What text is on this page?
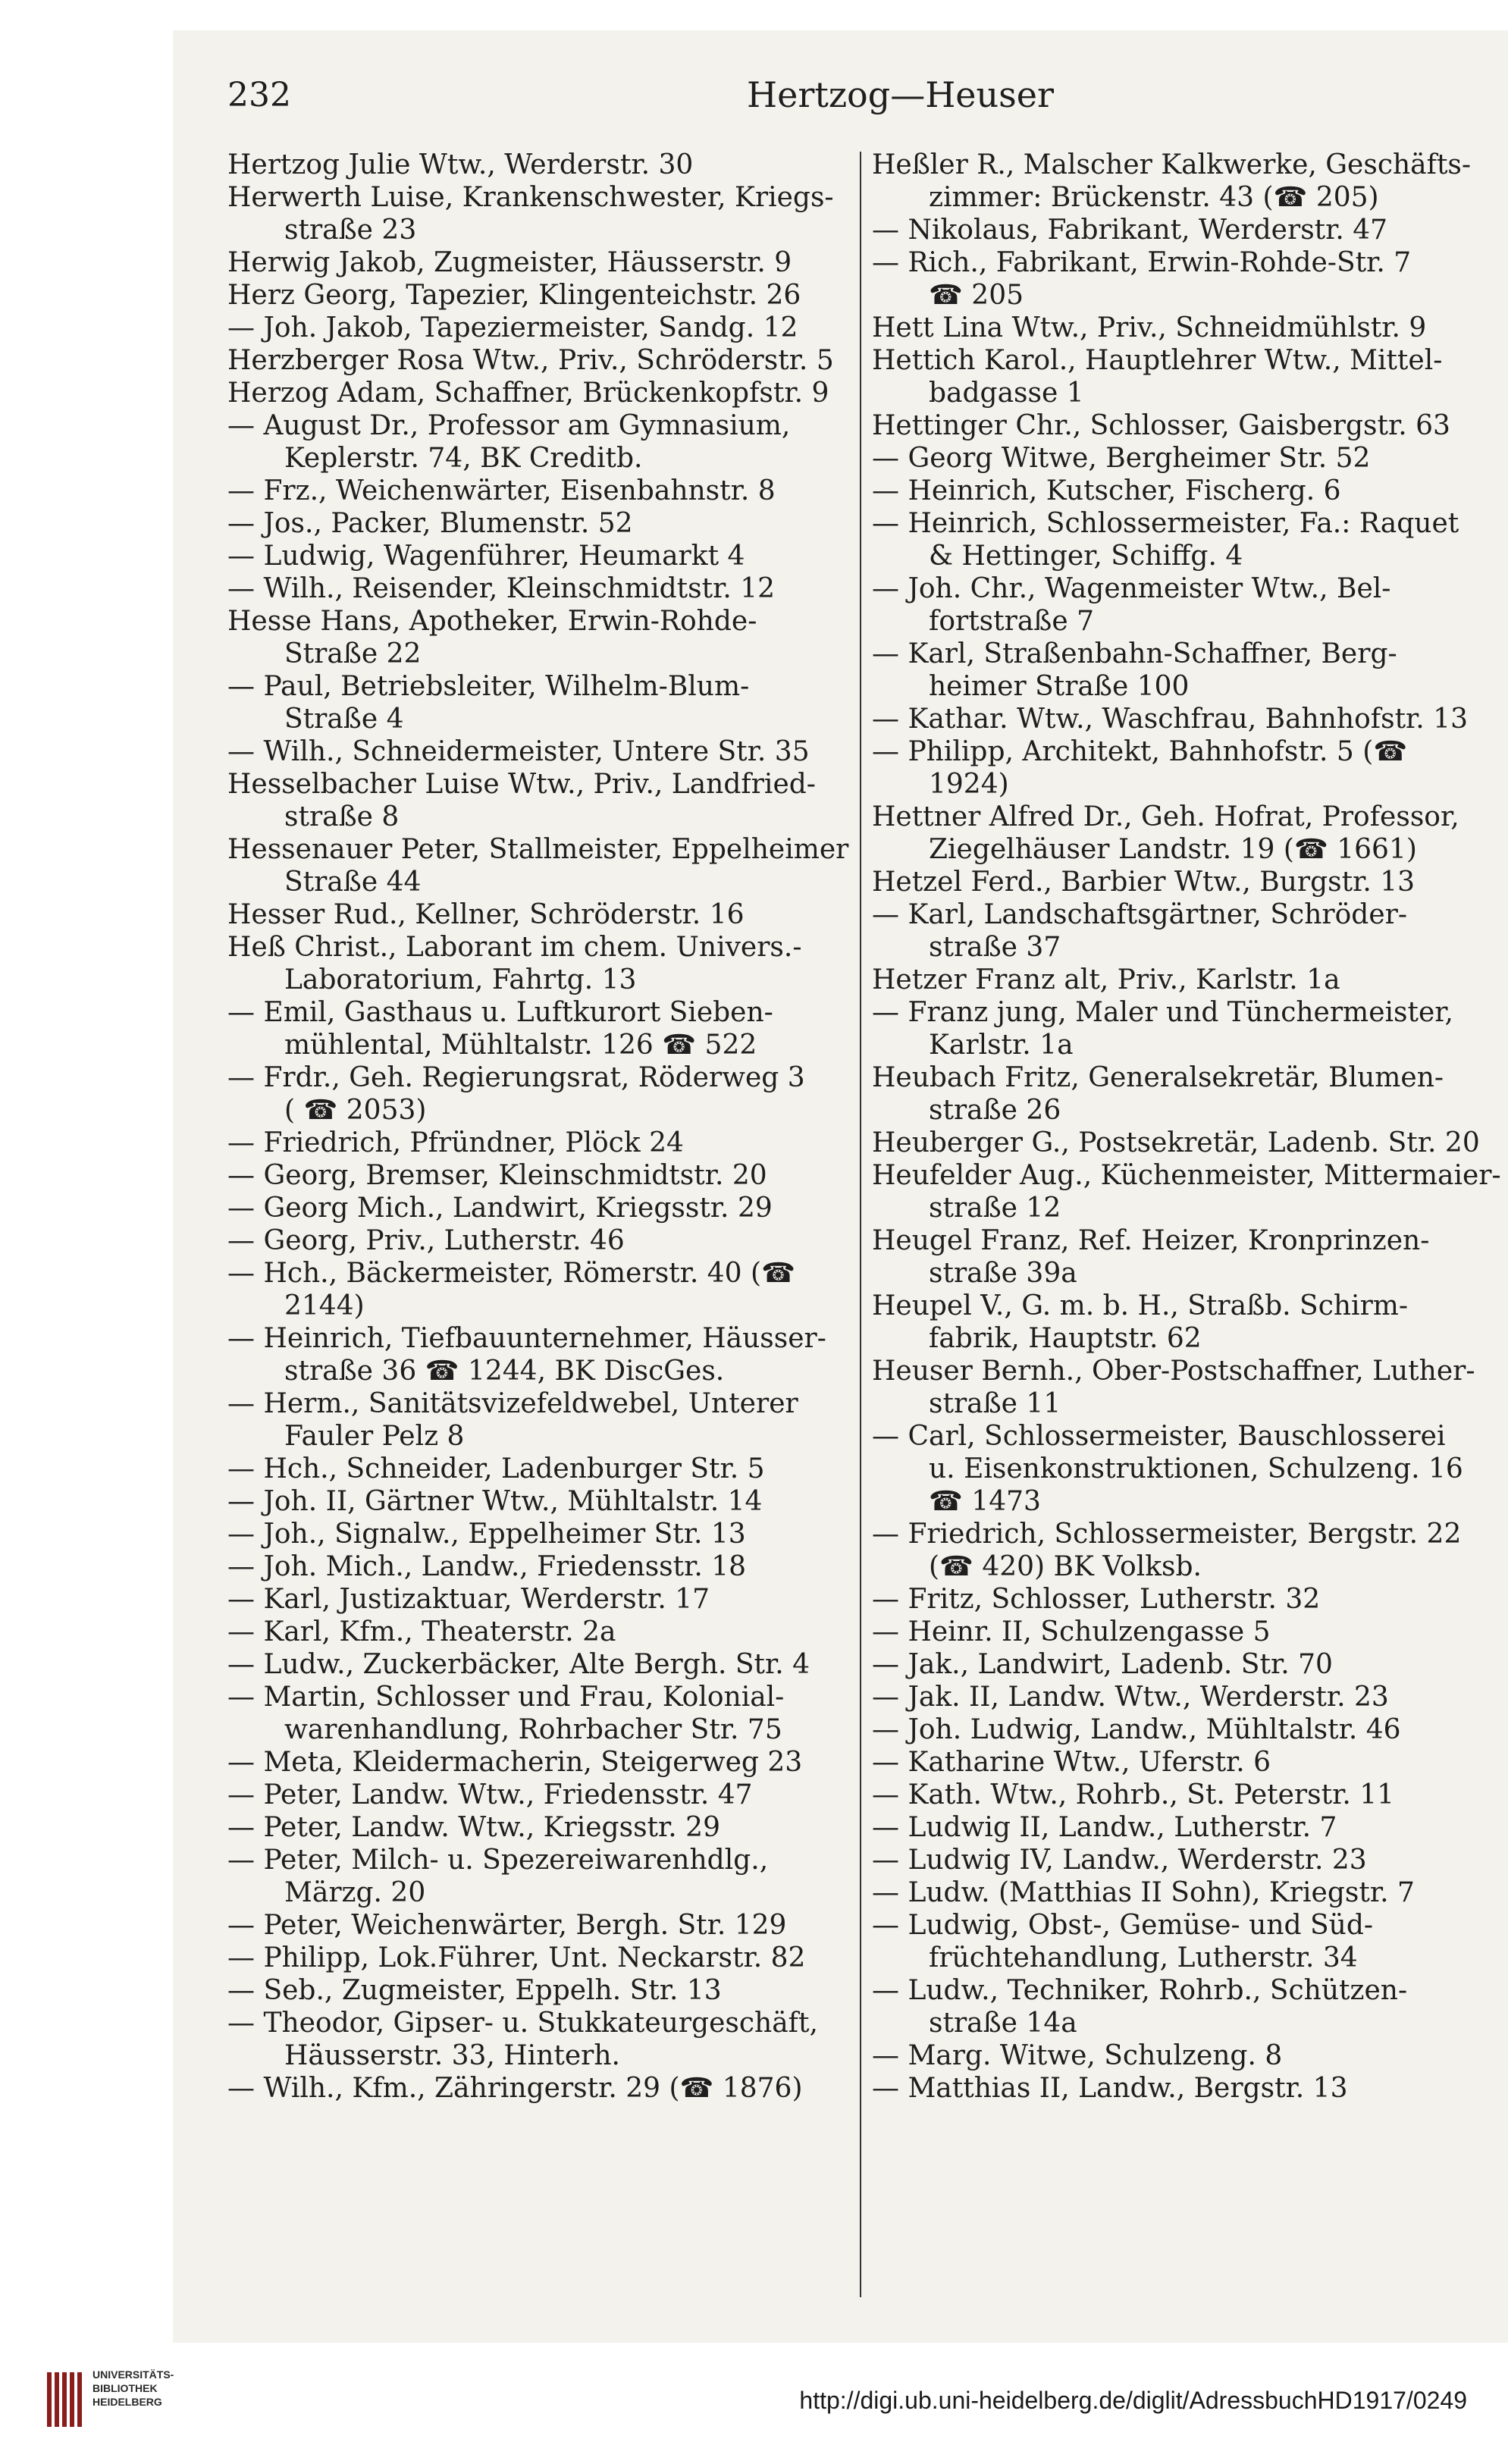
232	Hertzog—Heuser
Hertzog Julie Wtw., Werderstr. 30
Herwerth Luise, Krankenschwester, Kriegs-
straße 23
Herwig Jakob, Zugmeister, Häusserstr. 9
Herz Georg, Tapezier, Klingenteichstr. 26
— Joh. Jakob, Tapeziermeister, Sandg. 12
Herzberger Rosa Wtw., Priv., Schröderstr. 5
Herzog Adam, Schaffner, Brückenkopfstr. 9
— August Dr., Professor am Gymnasium,
Keplerstr. 74, BK Creditb.
— Frz., Weichenwärter, Eisenbahnstr. 8
— Jos., Packer, Blumenstr. 52
— Ludwig, Wagenführer, Heumarkt 4
— Wilh., Reisender, Kleinschmidtstr. 12
Hesse Hans, Apotheker, Erwin-Rohde-
Straße 22
— Paul, Betriebsleiter, Wilhelm-Blum-
Straße 4
— Wilh., Schneidermeister, Untere Str. 35
Hesselbacher Luise Wtw., Priv., Landfried-
straße 8
Hessenauer Peter, Stallmeister, Eppelheimer
Straße 44
Hesser Rud., Kellner, Schröderstr. 16
Heß Christ., Laborant im chem. Univers.-
Laboratorium, Fahrtg. 13
— Emil, Gasthaus u. Luftkurort Sieben-
mühlental, Mühltalstr. 126 ☎ 522
— Frdr., Geh. Regierungsrat, Röderweg 3
( ☎ 2053)
— Friedrich, Pfründner, Plöck 24
— Georg, Bremser, Kleinschmidtstr. 20
— Georg Mich., Landwirt, Kriegsstr. 29
— Georg, Priv., Lutherstr. 46
— Hch., Bäckermeister, Römerstr. 40 (☎
2144)
— Heinrich, Tiefbauunternehmer, Häusser-
straße 36 ☎ 1244, BK DiscGes.
— Herm., Sanitätsvizefeldwebel, Unterer
Fauler Pelz 8
— Hch., Schneider, Ladenburger Str. 5
— Joh. II, Gärtner Wtw., Mühltalstr. 14
— Joh., Signalw., Eppelheimer Str. 13
— Joh. Mich., Landw., Friedensstr. 18
— Karl, Justizaktuar, Werderstr. 17
— Karl, Kfm., Theaterstr. 2a
— Ludw., Zuckerbäcker, Alte Bergh. Str. 4
— Martin, Schlosser und Frau, Kolonial-
warenhandlung, Rohrbacher Str. 75
— Meta, Kleidermacherin, Steigerweg 23
— Peter, Landw. Wtw., Friedensstr. 47
— Peter, Landw. Wtw., Kriegsstr. 29
— Peter, Milch- u. Spezereiwarenhdlg.,
Märzg. 20
— Peter, Weichenwärter, Bergh. Str. 129
— Philipp, Lok.Führer, Unt. Neckarstr. 82
— Seb., Zugmeister, Eppelh. Str. 13
— Theodor, Gipser- u. Stukkateurgeschäft,
Häusserstr. 33, Hinterh.
— Wilh., Kfm., Zähringerstr. 29 (☎ 1876)
Heßler R., Malscher Kalkwerke, Geschäfts-
zimmer: Brückenstr. 43 (☎ 205)
— Nikolaus, Fabrikant, Werderstr. 47
— Rich., Fabrikant, Erwin-Rohde-Str. 7
☎ 205
Hett Lina Wtw., Priv., Schneidmühlstr. 9
Hettich Karol., Hauptlehrer Wtw., Mittel-
badgasse 1
Hettinger Chr., Schlosser, Gaisbergstr. 63
— Georg Witwe, Bergheimer Str. 52
— Heinrich, Kutscher, Fischerg. 6
— Heinrich, Schlossermeister, Fa.: Raquet
& Hettinger, Schiffg. 4
— Joh. Chr., Wagenmeister Wtw., Bel-
fortstraße 7
— Karl, Straßenbahn-Schaffner, Berg-
heimer Straße 100
— Kathar. Wtw., Waschfrau, Bahnhofstr. 13
— Philipp, Architekt, Bahnhofstr. 5 (☎
1924)
Hettner Alfred Dr., Geh. Hofrat, Professor,
Ziegelhäuser Landstr. 19 (☎ 1661)
Hetzel Ferd., Barbier Wtw., Burgstr. 13
— Karl, Landschaftsgärtner, Schröder-
straße 37
Hetzer Franz alt, Priv., Karlstr. 1a
— Franz jung, Maler und Tünchermeister,
Karlstr. 1a
Heubach Fritz, Generalsekretär, Blumen-
straße 26
Heuberger G., Postsekretär, Ladenb. Str. 20
Heufelder Aug., Küchenmeister, Mittermaier-
straße 12
Heugel Franz, Ref. Heizer, Kronprinzen-
straße 39a
Heupel V., G. m. b. H., Straßb. Schirm-
fabrik, Hauptstr. 62
Heuser Bernh., Ober-Postschaffner, Luther-
straße 11
— Carl, Schlossermeister, Bauschlosserei
u. Eisenkonstruktionen, Schulzeng. 16
☎ 1473
— Friedrich, Schlossermeister, Bergstr. 22
(☎ 420) BK Volksb.
— Fritz, Schlosser, Lutherstr. 32
— Heinr. II, Schulzengasse 5
— Jak., Landwirt, Ladenb. Str. 70
— Jak. II, Landw. Wtw., Werderstr. 23
— Joh. Ludwig, Landw., Mühltalstr. 46
— Katharine Wtw., Uferstr. 6
— Kath. Wtw., Rohrb., St. Peterstr. 11
— Ludwig II, Landw., Lutherstr. 7
— Ludwig IV, Landw., Werderstr. 23
— Ludw. (Matthias II Sohn), Kriegstr. 7
— Ludwig, Obst-, Gemüse- und Süd-
früchtehandlung, Lutherstr. 34
— Ludw., Techniker, Rohrb., Schützen-
straße 14a
— Marg. Witwe, Schulzeng. 8
— Matthias II, Landw., Bergstr. 13
UNIVERSITÄTS-
BIBLIOTHEK
HEIDELBERG	http://digi.ub.uni-heidelberg.de/diglit/AdressbuchHD1917/0249
